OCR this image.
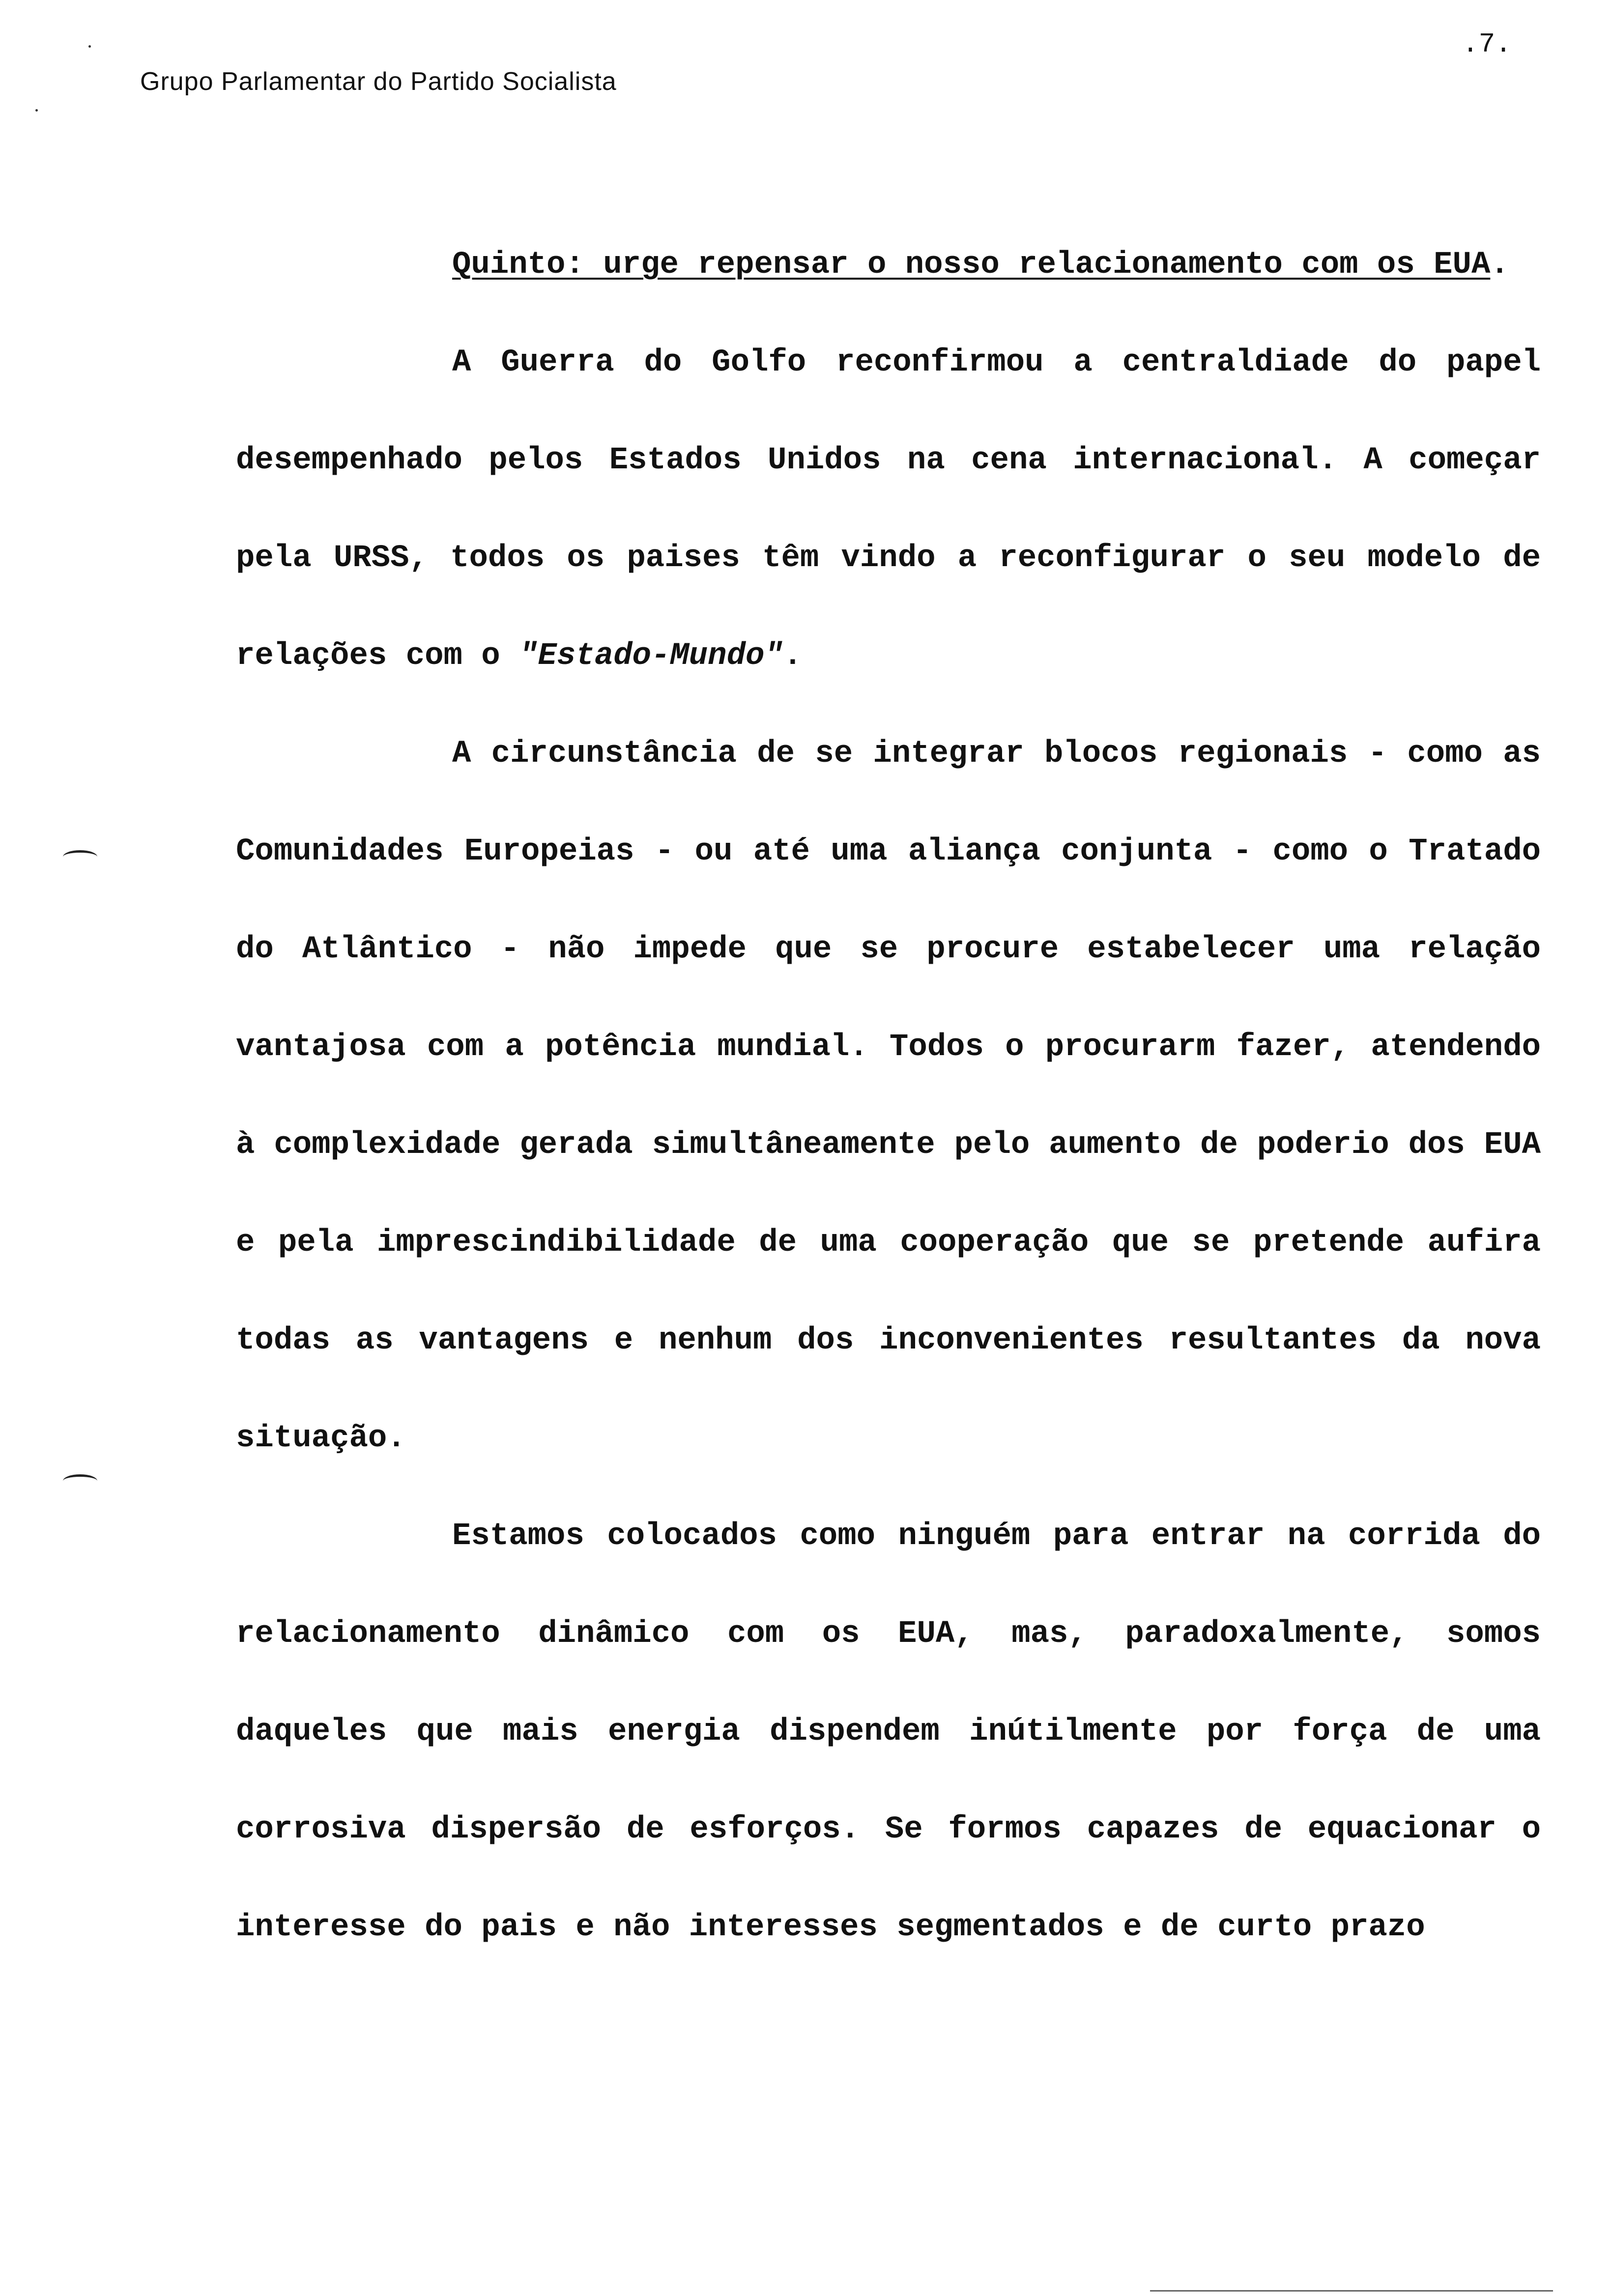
Grupo Parlamentar do Partido Socialista
.7.

Quinto: urge repensar o nosso relacionamento com os EUA.

A Guerra do Golfo reconfirmou a centraldiade do papel desempenhado pelos Estados Unidos na cena internacional. A começar pela URSS, todos os paises têm vindo a reconfigurar o seu modelo de relações com o "Estado-Mundo".

A circunstância de se integrar blocos regionais - como as Comunidades Europeias - ou até uma aliança conjunta - como o Tratado do Atlântico - não impede que se procure estabelecer uma relação vantajosa com a potência mundial. Todos o procurarm fazer, atendendo à complexidade gerada simultâneamente pelo aumento de poderio dos EUA e pela imprescindibilidade de uma cooperação que se pretende aufira todas as vantagens e nenhum dos inconvenientes resultantes da nova situação.

Estamos colocados como ninguém para entrar na corrida do relacionamento dinâmico com os EUA, mas, paradoxalmente, somos daqueles que mais energia dispendem inútilmente por força de uma corrosiva dispersão de esforços. Se formos capazes de equacionar o interesse do pais e não interesses segmentados e de curto prazo
